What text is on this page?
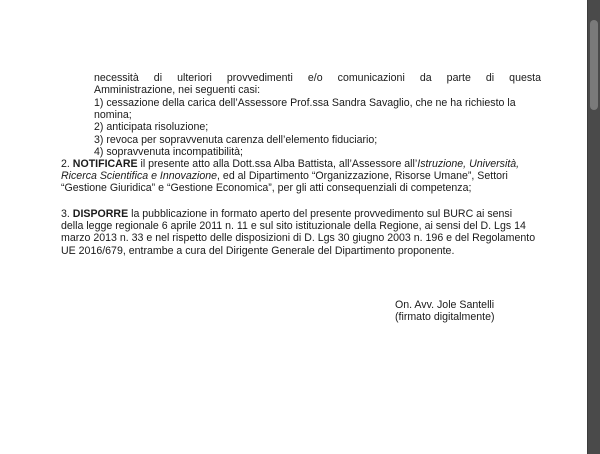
necessità di ulteriori provvedimenti e/o comunicazioni da parte di questa
Amministrazione, nei seguenti casi:
1) cessazione della carica dell’Assessore Prof.ssa Sandra Savaglio, che ne ha richiesto la
nomina;
2) anticipata risoluzione;
3) revoca per sopravvenuta carenza dell’elemento fiduciario;
4) sopravvenuta incompatibilità;
2. NOTIFICARE il presente atto alla Dott.ssa Alba Battista, all’Assessore all’Istruzione, Università,
Ricerca Scientifica e Innovazione, ed al Dipartimento “Organizzazione, Risorse Umane”, Settori
“Gestione Giuridica” e “Gestione Economica”, per gli atti consequenziali di competenza;
3. DISPORRE la pubblicazione in formato aperto del presente provvedimento sul BURC ai sensi
della legge regionale 6 aprile 2011 n. 11 e sul sito istituzionale della Regione, ai sensi del D. Lgs 14
marzo 2013 n. 33 e nel rispetto delle disposizioni di D. Lgs 30 giugno 2003 n. 196 e del Regolamento
UE 2016/679, entrambe a cura del Dirigente Generale del Dipartimento proponente.
On. Avv. Jole Santelli
(firmato digitalmente)
